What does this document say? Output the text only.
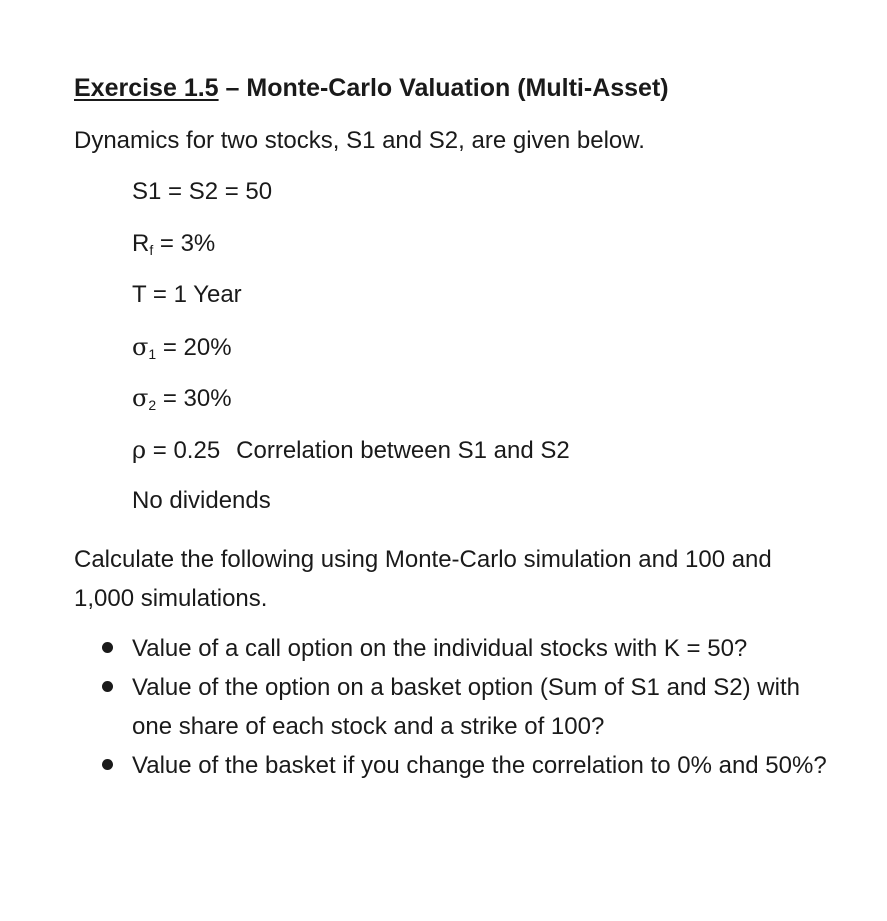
Exercise 1.5 – Monte-Carlo Valuation (Multi-Asset)
Dynamics for two stocks, S1 and S2, are given below.
S1 = S2 = 50
$R_f = 3\%$
T = 1 Year
$\sigma_1 = 20\%$
$\sigma_2 = 30\%$
ρ = 0.25 Correlation between S1 and S2
No dividends
Calculate the following using Monte-Carlo simulation and 100 and 1,000 simulations.
Value of a call option on the individual stocks with K = 50?
Value of the option on a basket option (Sum of S1 and S2) with one share of each stock and a strike of 100?
Value of the basket if you change the correlation to 0% and 50%?
